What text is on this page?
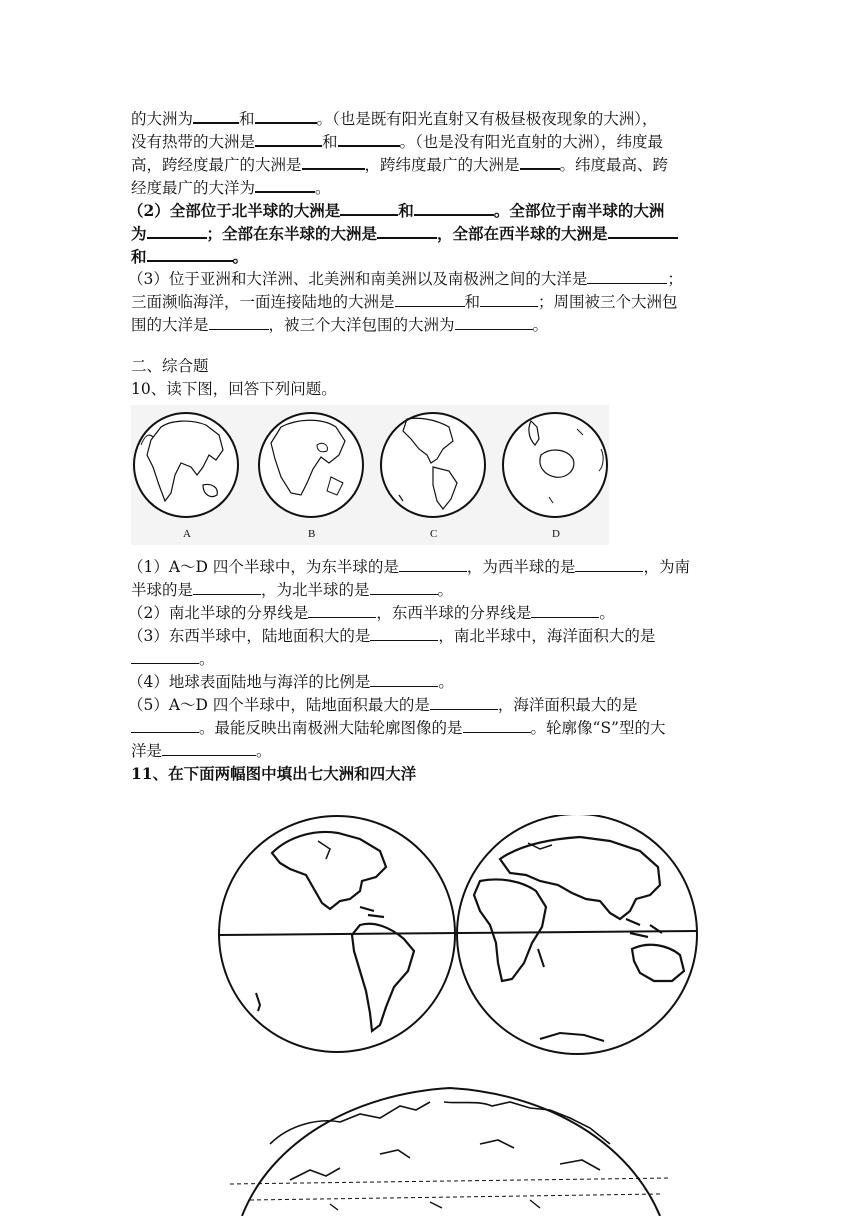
的大洲为	和	。（也是既有阳光直射又有极昼极夜现象的大洲），
没有热带的大洲是	和	。（也是没有阳光直射的大洲），纬度最
高，跨经度最广的大洲是	，跨纬度最广的大洲是	。纬度最高、跨
经度最广的大洋为	。
（2）全部位于北半球的大洲是	和	。全部位于南半球的大洲
为	；全部在东半球的大洲是	，全部在西半球的大洲是
和	。
（3）位于亚洲和大洋洲、北美洲和南美洲以及南极洲之间的大洋是	；
三面濒临海洋，一面连接陆地的大洲是	和	；周围被三个大洲包
围的大洋是	，被三个大洋包围的大洲为	。
二、综合题
10、读下图，回答下列问题。
A	B	C	D
（1）A～D 四个半球中，为东半球的是	，为西半球的是	，为南
半球的是	，为北半球的是	。
（2）南北半球的分界线是	，东西半球的分界线是	。
（3）东西半球中，陆地面积大的是	，南北半球中，海洋面积大的是
。
（4）地球表面陆地与海洋的比例是	。
（5）A～D 四个半球中，陆地面积最大的是	，海洋面积最大的是
。最能反映出南极洲大陆轮廓图像的是	。轮廓像“S”型的大
洋是	。
11、在下面两幅图中填出七大洲和四大洋
